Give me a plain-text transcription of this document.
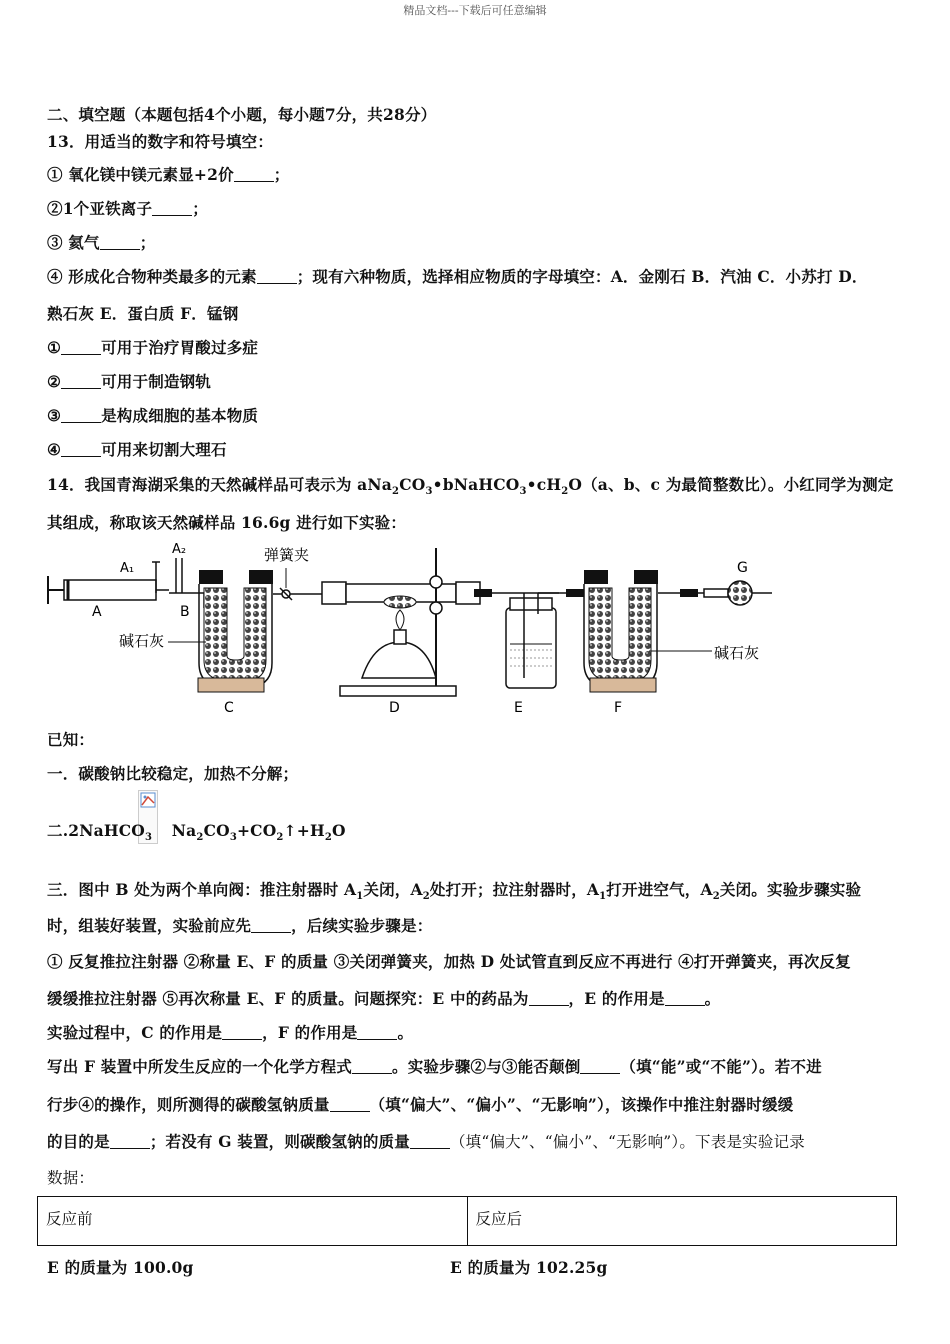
精品文档---下载后可任意编辑
二、填空题（本题包括4个小题，每小题7分，共28分）
13．用适当的数字和符号填空：
① 氧化镁中镁元素显+2价	；
②1个亚铁离子	；
③ 氦气	；
④ 形成化合物种类最多的元素	；现有六种物质，选择相应物质的字母填空：A．金刚石 B．汽油 C．小苏打 D．
熟石灰 E．蛋白质 F．锰钢
①	可用于治疗胃酸过多症
②	可用于制造钢轨
③	是构成细胞的基本物质
④	可用来切割大理石
14．我国青海湖采集的天然碱样品可表示为 $aNa_2CO_3•bNaHCO_3•cH_2O(a$、b、c 为最简整数比）。小红同学为测定
其组成，称取该天然碱样品 16.6g 进行如下实验：
A₁
A₂
A	B
碱石灰
C
弹簧夹
D	E	F
碱石灰
G
已知：
一．碳酸钠比较稳定，加热不分解；
二.2NaHCO$_3$ $Na_2CO_3+CO_2↑+H_2O$
三．图中 B 处为两个单向阀：推注射器时 $A_1$关闭，$A_2$处打开；拉注射器时，$A_1$打开进空气，$A_2$关闭。实验步骤实验
时，组装好装置，实验前应先	，后续实验步骤是：
① 反复推拉注射器 ②称量 E、F 的质量 ③关闭弹簧夹，加热 D 处试管直到反应不再进行 ④打开弹簧夹，再次反复
缓缓推拉注射器 ⑤再次称量 E、F 的质量。问题探究：E 中的药品为	，E 的作用是	。
实验过程中，C 的作用是	，F 的作用是	。
写出 F 装置中所发生反应的一个化学方程式	。实验步骤②与③能否颠倒	（填“能”或“不能”）。若不进
行步④的操作，则所测得的碳酸氢钠质量	（填“偏大”、“偏小”、“无影响”），该操作中推注射器时缓缓
的目的是	；若没有 G 装置，则碳酸氢钠的质量	（填“偏大”、“偏小”、“无影响”）。下表是实验记录
数据：
反应前	反应后
E 的质量为 100.0g	E 的质量为 102.25g
